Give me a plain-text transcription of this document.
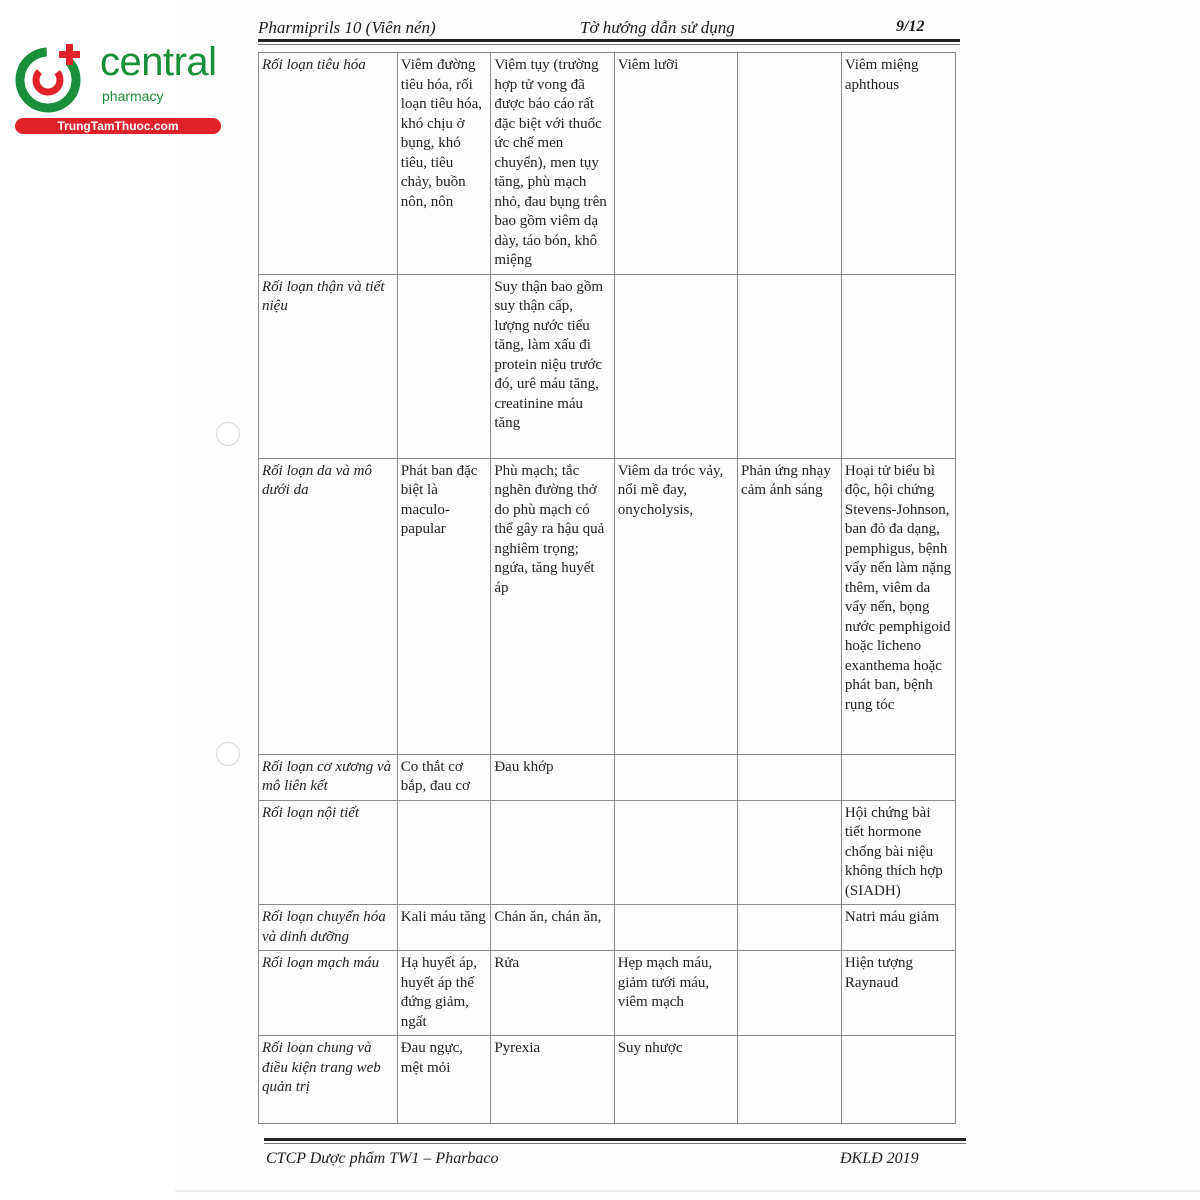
central
pharmacy
TrungTamThuoc.com
Pharmiprils 10 (Viên nén)	Tờ hướng dẫn sử dụng	9/12
Rối loạn tiêu hóa	Viêm đường tiêu hóa, rối loạn tiêu hóa, khó chịu ở bụng, khó tiêu, tiêu chảy, buồn nôn, nôn	Viêm tụy (trường hợp tử vong đã được báo cáo rất đặc biệt với thuốc ức chế men chuyển), men tụy tăng, phù mạch nhỏ, đau bụng trên bao gồm viêm dạ dày, táo bón, khô miệng	Viêm lưỡi		Viêm miệng aphthous
Rối loạn thận và tiết niệu		Suy thận bao gồm suy thận cấp, lượng nước tiểu tăng, làm xấu đi protein niệu trước đó, urê máu tăng, creatinine máu tăng			
Rối loạn da và mô dưới da	Phát ban đặc biệt là maculo-papular	Phù mạch; tắc nghẽn đường thở do phù mạch có thể gây ra hậu quả nghiêm trọng; ngứa, tăng huyết áp	Viêm da tróc vảy, nổi mề đay, onycholysis,	Phản ứng nhạy cảm ánh sáng	Hoại tử biểu bì độc, hội chứng Stevens-Johnson, ban đỏ đa dạng, pemphigus, bệnh vẩy nến làm nặng thêm, viêm da vẩy nến, bọng nước pemphigoid hoặc licheno exanthema hoặc phát ban, bệnh rụng tóc
Rối loạn cơ xương và mô liên kết	Co thắt cơ bắp, đau cơ	Đau khớp			
Rối loạn nội tiết					Hội chứng bài tiết hormone chống bài niệu không thích hợp (SIADH)
Rối loạn chuyển hóa và dinh dưỡng	Kali máu tăng	Chán ăn, chán ăn,			Natri máu giảm
Rối loạn mạch máu	Hạ huyết áp, huyết áp thế đứng giảm, ngất	Rửa	Hẹp mạch máu, giảm tưới máu, viêm mạch		Hiện tượng Raynaud
Rối loạn chung và điều kiện trang web quản trị	Đau ngực, mệt mỏi	Pyrexia	Suy nhược		
CTCP Dược phẩm TW1 – Pharbaco	ĐKLĐ 2019
